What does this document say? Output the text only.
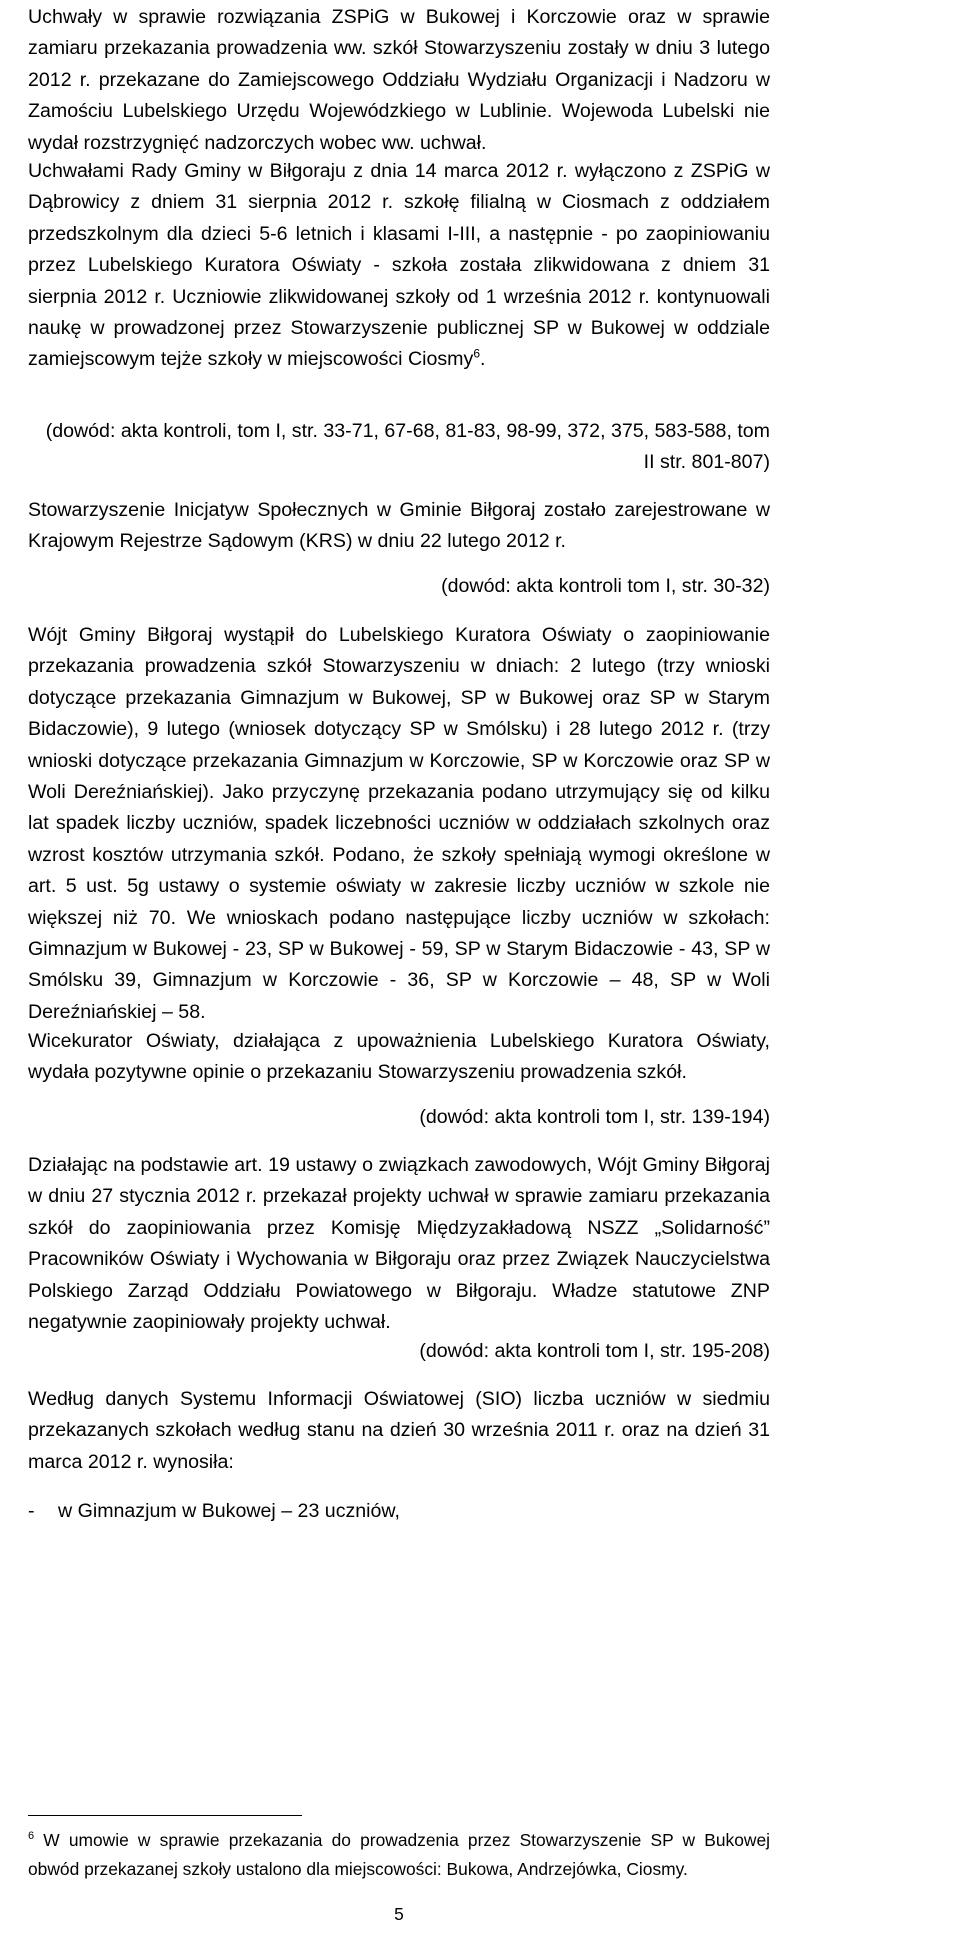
Uchwały w sprawie rozwiązania ZSPiG w Bukowej i Korczowie oraz w sprawie zamiaru przekazania prowadzenia ww. szkół Stowarzyszeniu zostały w dniu 3 lutego 2012 r. przekazane do Zamiejscowego Oddziału Wydziału Organizacji i Nadzoru w Zamościu Lubelskiego Urzędu Wojewódzkiego w Lublinie. Wojewoda Lubelski nie wydał rozstrzygnięć nadzorczych wobec ww. uchwał.

Uchwałami Rady Gminy w Biłgoraju z dnia 14 marca 2012 r. wyłączono z ZSPiG w Dąbrowicy z dniem 31 sierpnia 2012 r. szkołę filialną w Ciosmach z oddziałem przedszkolnym dla dzieci 5-6 letnich i klasami I-III, a następnie - po zaopiniowaniu przez Lubelskiego Kuratora Oświaty - szkoła została zlikwidowana z dniem 31 sierpnia 2012 r. Uczniowie zlikwidowanej szkoły od 1 września 2012 r. kontynuowali naukę w prowadzonej przez Stowarzyszenie publicznej SP w Bukowej w oddziale zamiejscowym tejże szkoły w miejscowości Ciosmy$^6$.

(dowód: akta kontroli, tom I, str. 33-71, 67-68, 81-83, 98-99, 372, 375, 583-588, tom

II str. 801-807)

Stowarzyszenie Inicjatyw Społecznych w Gminie Biłgoraj zostało zarejestrowane w Krajowym Rejestrze Sądowym (KRS) w dniu 22 lutego 2012 r.

(dowód: akta kontroli tom I, str. 30-32)

Wójt Gminy Biłgoraj wystąpił do Lubelskiego Kuratora Oświaty o zaopiniowanie przekazania prowadzenia szkół Stowarzyszeniu w dniach: 2 lutego (trzy wnioski dotyczące przekazania Gimnazjum w Bukowej, SP w Bukowej oraz SP w Starym Bidaczowie), 9 lutego (wniosek dotyczący SP w Smólsku) i 28 lutego 2012 r. (trzy wnioski dotyczące przekazania Gimnazjum w Korczowie, SP w Korczowie oraz SP w Woli Dereźniańskiej). Jako przyczynę przekazania podano utrzymujący się od kilku lat spadek liczby uczniów, spadek liczebności uczniów w oddziałach szkolnych oraz wzrost kosztów utrzymania szkół. Podano, że szkoły spełniają wymogi określone w art. 5 ust. 5g ustawy o systemie oświaty w zakresie liczby uczniów w szkole nie większej niż 70. We wnioskach podano następujące liczby uczniów w szkołach: Gimnazjum w Bukowej - 23, SP w Bukowej - 59, SP w Starym Bidaczowie - 43, SP w Smólsku 39, Gimnazjum w Korczowie - 36, SP w Korczowie – 48, SP w Woli Dereźniańskiej – 58.

Wicekurator Oświaty, działająca z upoważnienia Lubelskiego Kuratora Oświaty, wydała pozytywne opinie o przekazaniu Stowarzyszeniu prowadzenia szkół.

(dowód: akta kontroli tom I, str. 139-194)

Działając na podstawie art. 19 ustawy o związkach zawodowych, Wójt Gminy Biłgoraj w dniu 27 stycznia 2012 r. przekazał projekty uchwał w sprawie zamiaru przekazania szkół do zaopiniowania przez Komisję Międzyzakładową NSZZ „Solidarność” Pracowników Oświaty i Wychowania w Biłgoraju oraz przez Związek Nauczycielstwa Polskiego Zarząd Oddziału Powiatowego w Biłgoraju. Władze statutowe ZNP negatywnie zaopiniowały projekty uchwał.

(dowód: akta kontroli tom I, str. 195-208)

Według danych Systemu Informacji Oświatowej (SIO) liczba uczniów w siedmiu przekazanych szkołach według stanu na dzień 30 września 2011 r. oraz na dzień 31 marca 2012 r. wynosiła:

- w Gimnazjum w Bukowej – 23 uczniów,

$^6$ W umowie w sprawie przekazania do prowadzenia przez Stowarzyszenie SP w Bukowej obwód przekazanej szkoły ustalono dla miejscowości: Bukowa, Andrzejówka, Ciosmy.

5
